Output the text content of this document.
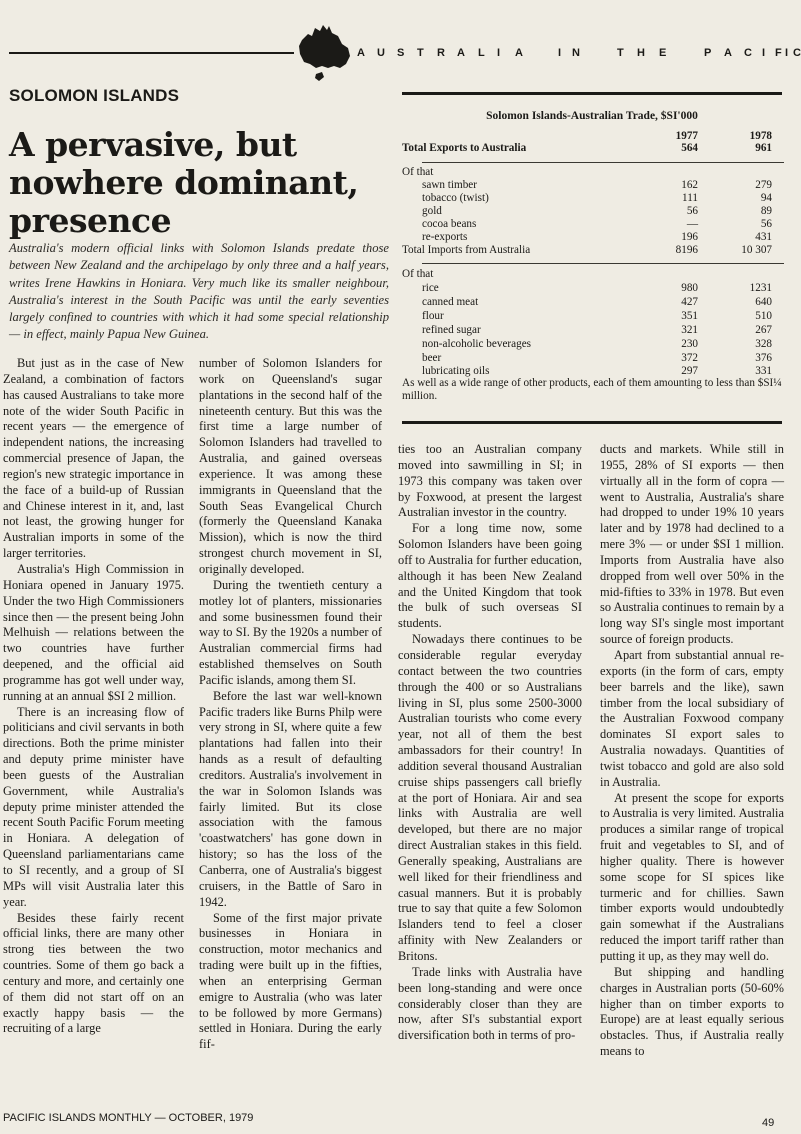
A U S T R A L I A	I N	T H E	P A C I F I C
SOLOMON ISLANDS
A pervasive, but nowhere dominant, presence
Australia's modern official links with Solomon Islands predate those between New Zealand and the archipelago by only three and a half years, writes Irene Hawkins in Honiara. Very much like its smaller neighbour, Australia's interest in the South Pacific was until the early seventies largely confined to countries with which it had some special relationship — in effect, mainly Papua New Guinea.
Solomon Islands-Australian Trade, $SI'000
1977	1978
Total Exports to Australia	564	961
Of that
sawn timber	162	279
tobacco (twist)	111	94
gold	56	89
cocoa beans	—	56
re-exports	196	431
Total Imports from Australia	8196	10 307
Of that
rice	980	1231
canned meat	427	640
flour	351	510
refined sugar	321	267
non-alcoholic beverages	230	328
beer	372	376
lubricating oils	297	331
As well as a wide range of other products, each of them amounting to less than $SI¼ million.

But just as in the case of New Zealand, a combination of factors has caused Australians to take more note of the wider South Pacific in recent years — the emergence of independent nations, the increasing commercial presence of Japan, the region's new strategic importance in the face of a build-up of Russian and Chinese interest in it, and, last not least, the growing hunger for Australian imports in some of the larger territories.

Australia's High Commission in Honiara opened in January 1975. Under the two High Commissioners since then — the present being John Melhuish — relations between the two countries have further deepened, and the official aid programme has got well under way, running at an annual $SI 2 million.

There is an increasing flow of politicians and civil servants in both directions. Both the prime minister and deputy prime minister have been guests of the Australian Government, while Australia's deputy prime minister attended the recent South Pacific Forum meeting in Honiara. A delegation of Queensland parliamentarians came to SI recently, and a group of SI MPs will visit Australia later this year.

Besides these fairly recent official links, there are many other strong ties between the two countries. Some of them go back a century and more, and certainly one of them did not start off on an exactly happy basis — the recruiting of a large

number of Solomon Islanders for work on Queensland's sugar plantations in the second half of the nineteenth century. But this was the first time a large number of Solomon Islanders had travelled to Australia, and gained overseas experience. It was among these immigrants in Queensland that the South Seas Evangelical Church (formerly the Queensland Kanaka Mission), which is now the third strongest church movement in SI, originally developed.

During the twentieth century a motley lot of planters, missionaries and some businessmen found their way to SI. By the 1920s a number of Australian commercial firms had established themselves on South Pacific islands, among them SI.

Before the last war well-known Pacific traders like Burns Philp were very strong in SI, where quite a few plantations had fallen into their hands as a result of defaulting creditors. Australia's involvement in the war in Solomon Islands was fairly limited. But its close association with the famous 'coastwatchers' has gone down in history; so has the loss of the Canberra, one of Australia's biggest cruisers, in the Battle of Saro in 1942.

Some of the first major private businesses in Honiara in construction, motor mechanics and trading were built up in the fifties, when an enterprising German emigre to Australia (who was later to be followed by more Germans) settled in Honiara. During the early fif-

ties too an Australian company moved into sawmilling in SI; in 1973 this company was taken over by Foxwood, at present the largest Australian investor in the country.

For a long time now, some Solomon Islanders have been going off to Australia for further education, although it has been New Zealand and the United Kingdom that took the bulk of such overseas SI students.

Nowadays there continues to be considerable regular everyday contact between the two countries through the 400 or so Australians living in SI, plus some 2500-3000 Australian tourists who come every year, not all of them the best ambassadors for their country! In addition several thousand Australian cruise ships passengers call briefly at the port of Honiara. Air and sea links with Australia are well developed, but there are no major direct Australian stakes in this field. Generally speaking, Australians are well liked for their friendliness and casual manners. But it is probably true to say that quite a few Solomon Islanders tend to feel a closer affinity with New Zealanders or Britons.

Trade links with Australia have been long-standing and were once considerably closer than they are now, after SI's substantial export diversification both in terms of pro-

ducts and markets. While still in 1955, 28% of SI exports — then virtually all in the form of copra — went to Australia, Australia's share had dropped to under 19% 10 years later and by 1978 had declined to a mere 3% — or under $SI 1 million. Imports from Australia have also dropped from well over 50% in the mid-fifties to 33% in 1978. But even so Australia continues to remain by a long way SI's single most important source of foreign products.

Apart from substantial annual re-exports (in the form of cars, empty beer barrels and the like), sawn timber from the local subsidiary of the Australian Foxwood company dominates SI export sales to Australia nowadays. Quantities of twist tobacco and gold are also sold in Australia.

At present the scope for exports to Australia is very limited. Australia produces a similar range of tropical fruit and vegetables to SI, and of higher quality. There is however some scope for SI spices like turmeric and for chillies. Sawn timber exports would undoubtedly gain somewhat if the Australians reduced the import tariff rather than putting it up, as they may well do.

But shipping and handling charges in Australian ports (50-60% higher than on timber exports to Europe) are at least equally serious obstacles. Thus, if Australia really means to

PACIFIC ISLANDS MONTHLY — OCTOBER, 1979	49
